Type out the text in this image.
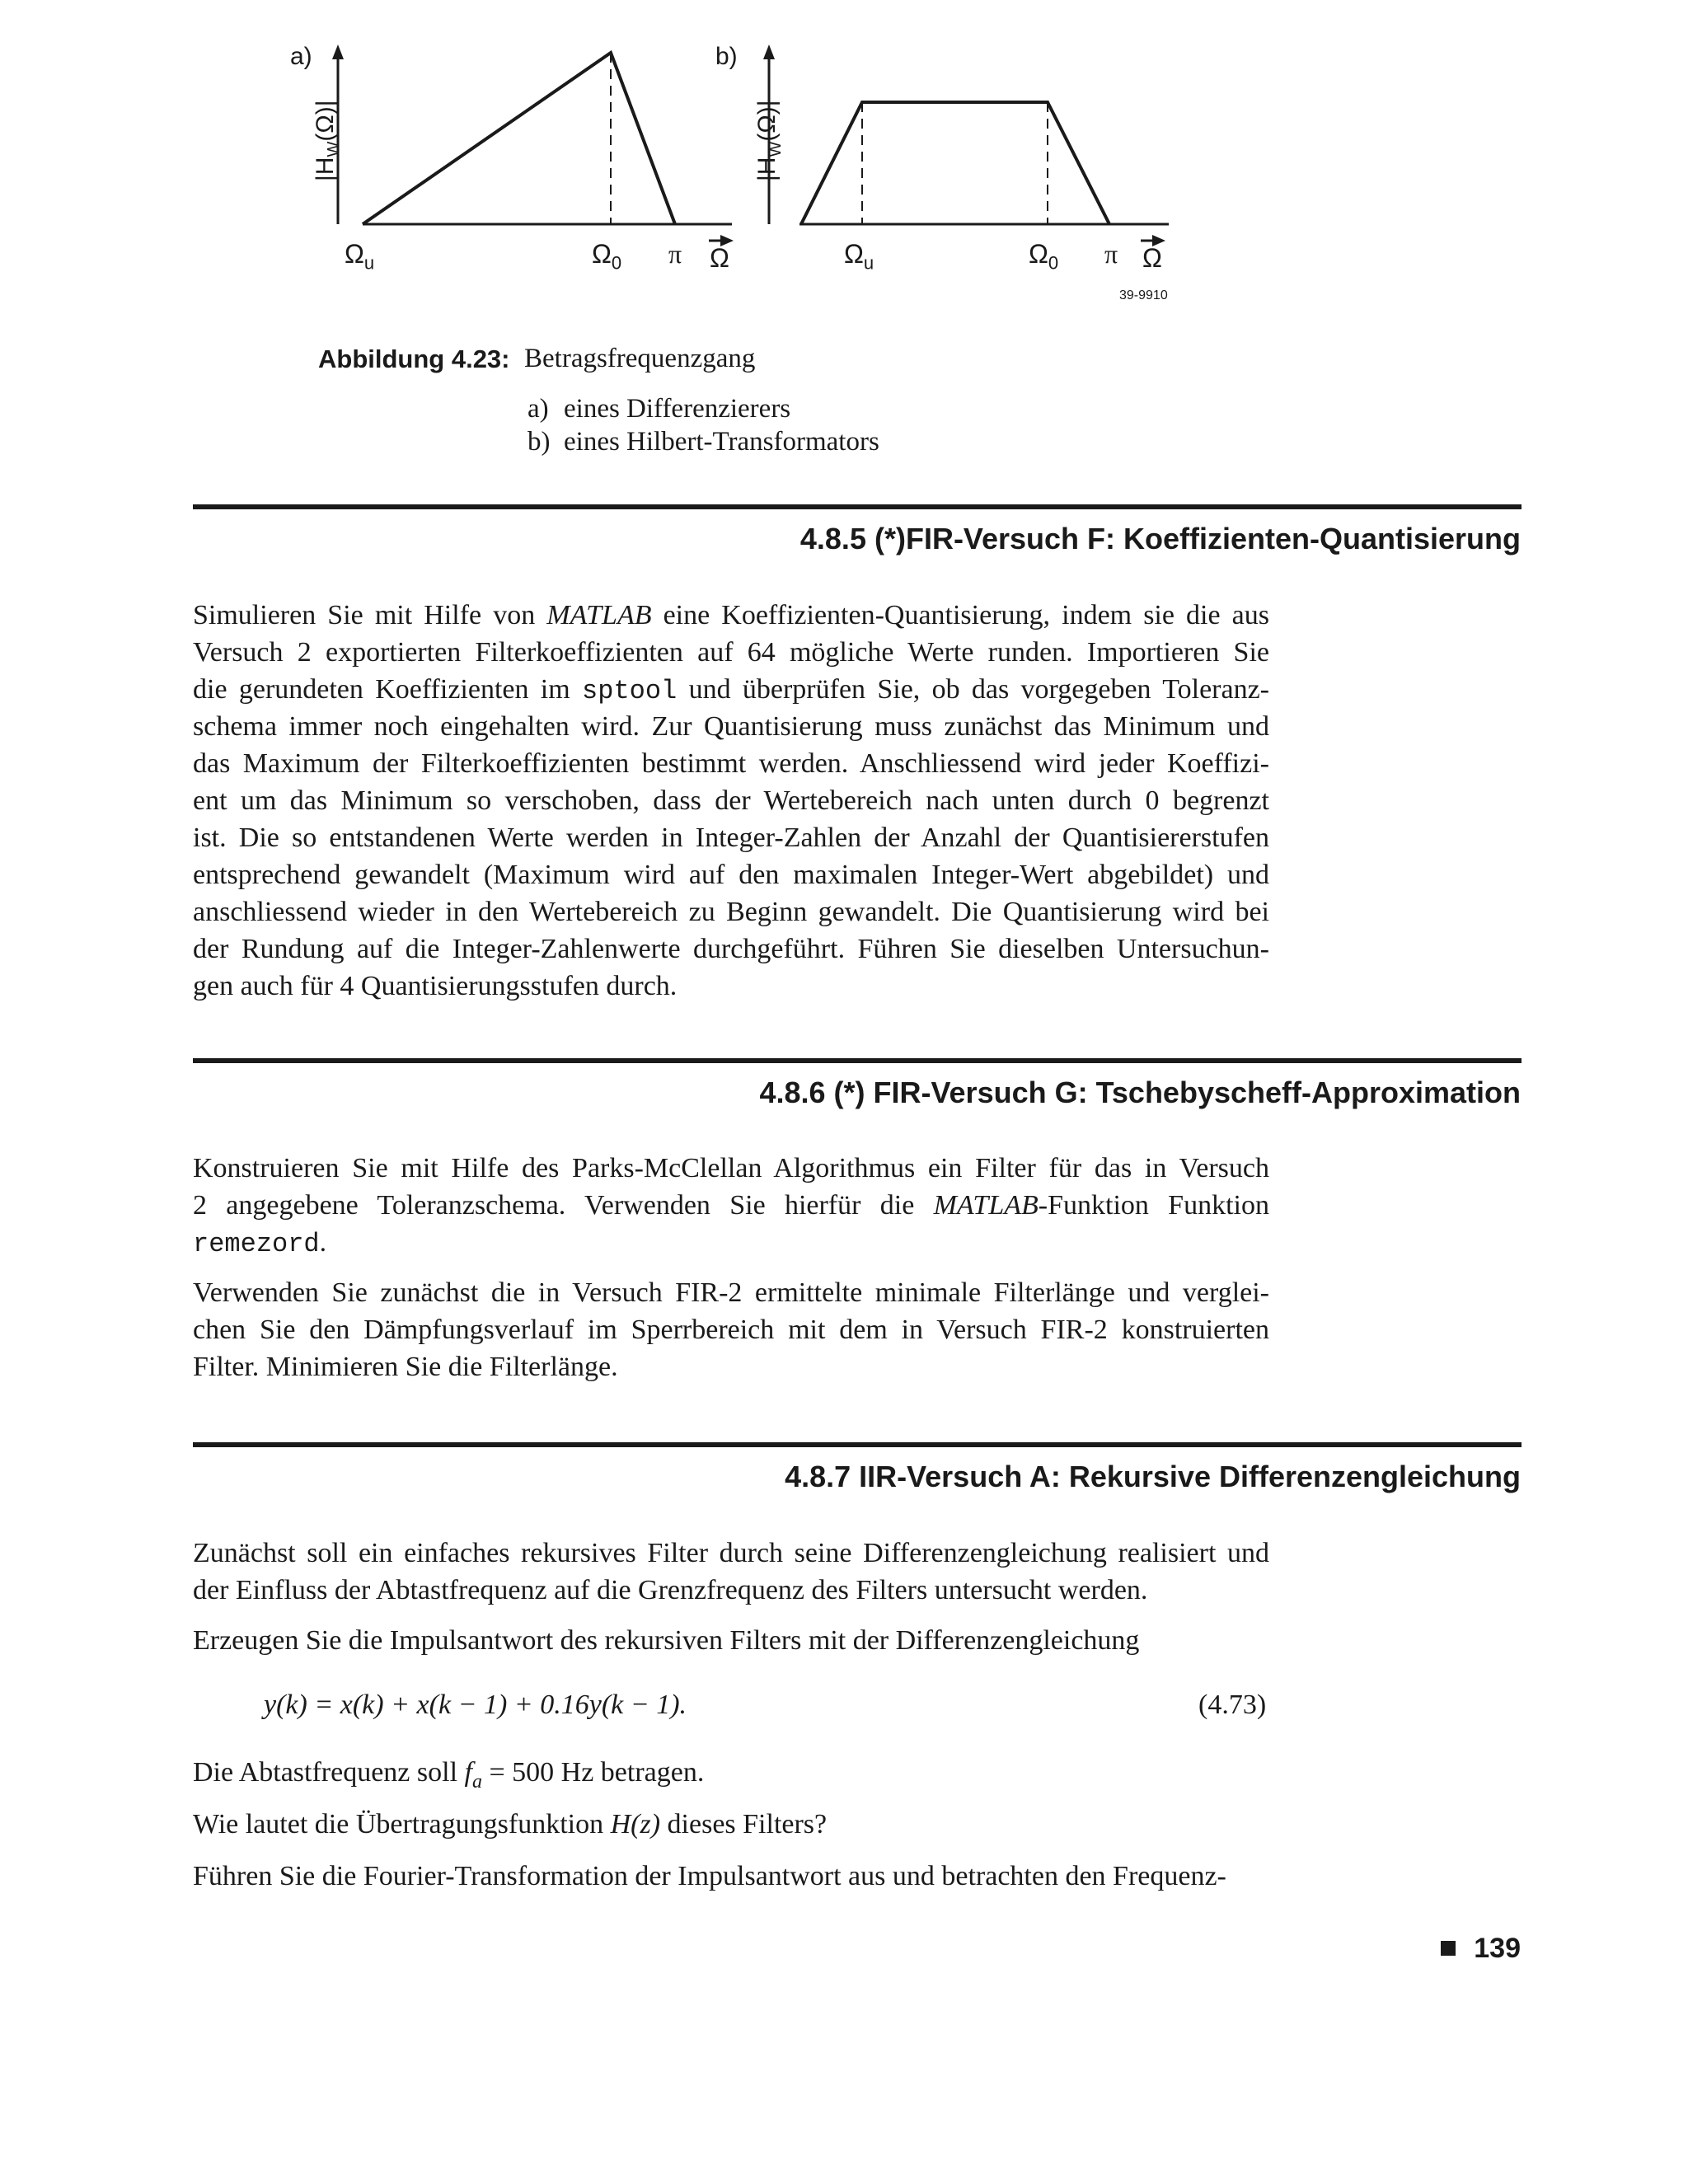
a)
$|H_W(\Omega)|$
$\Omega_u$	$\Omega_0$ π Ω
b)
$|H_W(\Omega)|$
$\Omega_u$	$\Omega_0$ π Ω
39-9910
Abbildung 4.23: Betragsfrequenzgang
a) eines Differenzierers
b) eines Hilbert-Transformators
4.8.5 (*)FIR-Versuch F: Koeffizienten-Quantisierung
Simulieren Sie mit Hilfe von MATLAB eine Koeffizienten-Quantisierung, indem sie die aus
Versuch 2 exportierten Filterkoeffizienten auf 64 mögliche Werte runden. Importieren Sie
die gerundeten Koeffizienten im sptool und überprüfen Sie, ob das vorgegeben Toleranz-
schema immer noch eingehalten wird. Zur Quantisierung muss zunächst das Minimum und
das Maximum der Filterkoeffizienten bestimmt werden. Anschliessend wird jeder Koeffizi-
ent um das Minimum so verschoben, dass der Wertebereich nach unten durch 0 begrenzt
ist. Die so entstandenen Werte werden in Integer-Zahlen der Anzahl der Quantisiererstufen
entsprechend gewandelt (Maximum wird auf den maximalen Integer-Wert abgebildet) und
anschliessend wieder in den Wertebereich zu Beginn gewandelt. Die Quantisierung wird bei
der Rundung auf die Integer-Zahlenwerte durchgeführt. Führen Sie dieselben Untersuchun-
gen auch für 4 Quantisierungsstufen durch.
4.8.6 (*) FIR-Versuch G: Tschebyscheff-Approximation
Konstruieren Sie mit Hilfe des Parks-McClellan Algorithmus ein Filter für das in Versuch
2 angegebene Toleranzschema. Verwenden Sie hierfür die MATLAB-Funktion Funktion
remezord.
Verwenden Sie zunächst die in Versuch FIR-2 ermittelte minimale Filterlänge und verglei-
chen Sie den Dämpfungsverlauf im Sperrbereich mit dem in Versuch FIR-2 konstruierten
Filter. Minimieren Sie die Filterlänge.
4.8.7 IIR-Versuch A: Rekursive Differenzengleichung
Zunächst soll ein einfaches rekursives Filter durch seine Differenzengleichung realisiert und
der Einfluss der Abtastfrequenz auf die Grenzfrequenz des Filters untersucht werden.
Erzeugen Sie die Impulsantwort des rekursiven Filters mit der Differenzengleichung
y(k) = x(k) + x(k − 1) + 0.16y(k − 1).	(4.73)
Die Abtastfrequenz soll $f_a = 500$ Hz betragen.
Wie lautet die Übertragungsfunktion H(z) dieses Filters?
Führen Sie die Fourier-Transformation der Impulsantwort aus und betrachten den Frequenz-
139
